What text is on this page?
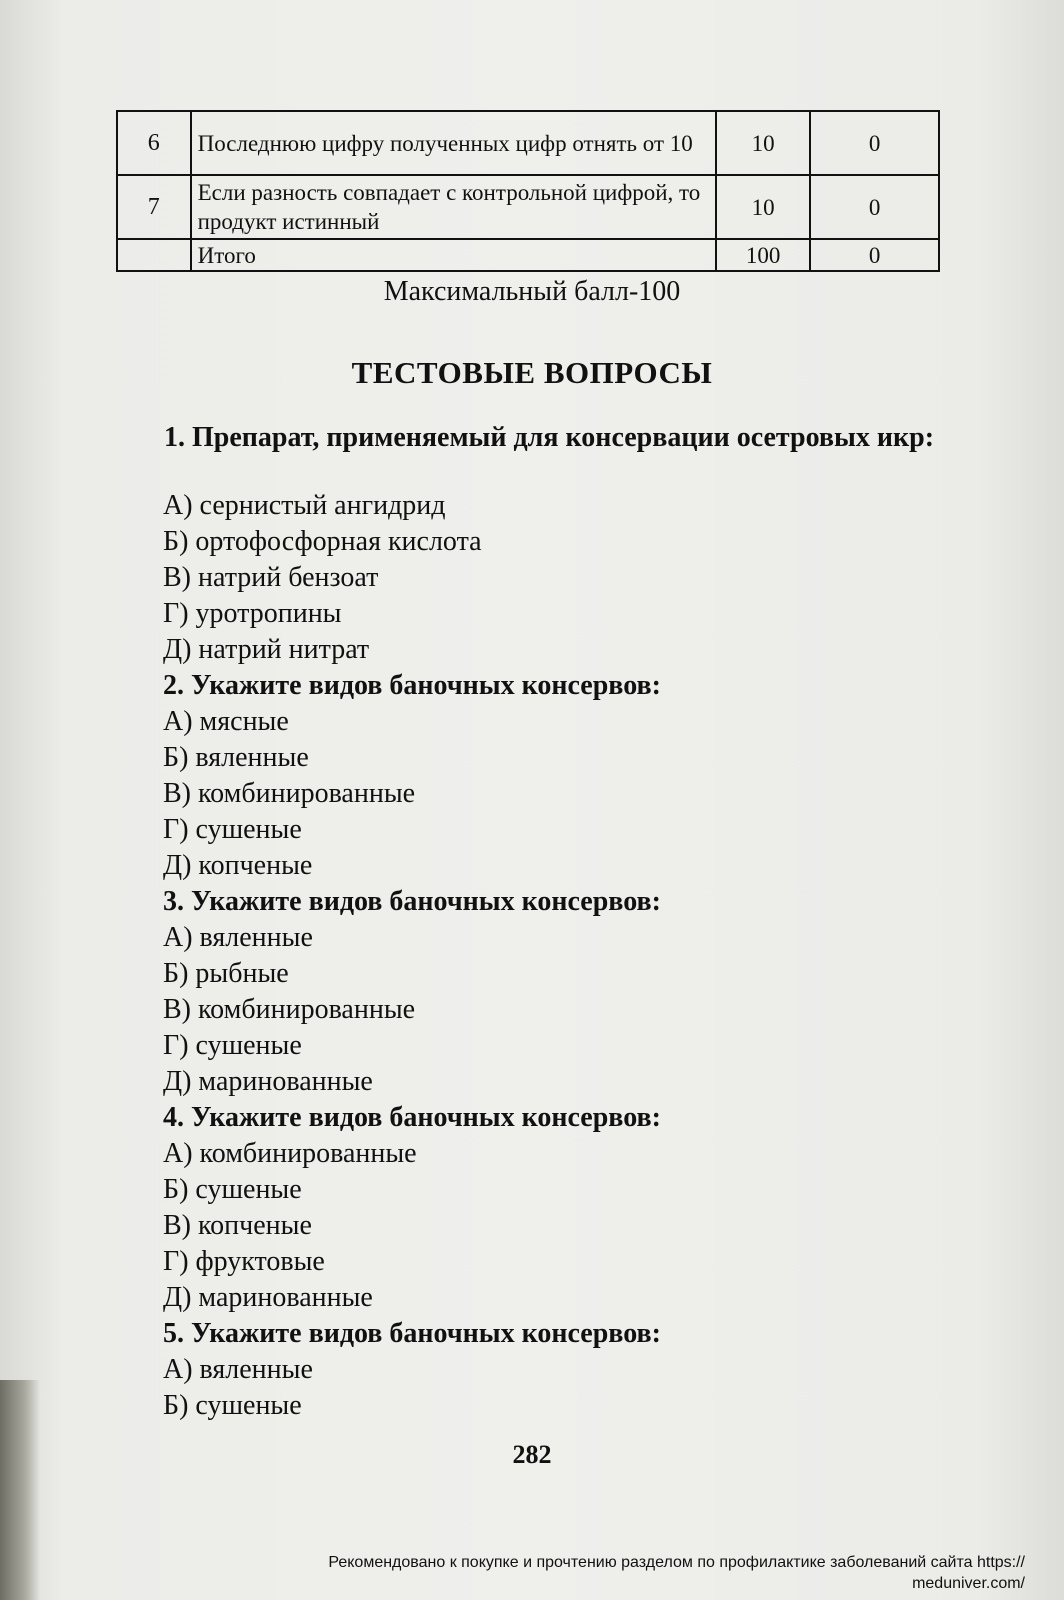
6	Последнюю цифру полученных цифр отнять от 10	10	0
7	Если разность совпадает с контрольной цифрой, то продукт истинный	10	0
	Итого	100	0
Максимальный балл-100
ТЕСТОВЫЕ ВОПРОСЫ
1. Препарат, применяемый для консервации осетровых икр:
А) сернистый ангидрид
Б) ортофосфорная кислота
В) натрий бензоат
Г) уротропины
Д) натрий нитрат
2. Укажите видов баночных консервов:
А) мясные
Б) вяленные
В) комбинированные
Г) сушеные
Д) копченые
3. Укажите видов баночных консервов:
А) вяленные
Б) рыбные
В) комбинированные
Г) сушеные
Д) маринованные
4. Укажите видов баночных консервов:
А) комбинированные
Б) сушеные
В) копченые
Г) фруктовые
Д) маринованные
5. Укажите видов баночных консервов:
А) вяленные
Б) сушеные
282
Рекомендовано к покупке и прочтению разделом по профилактике заболеваний сайта https://
meduniver.com/
